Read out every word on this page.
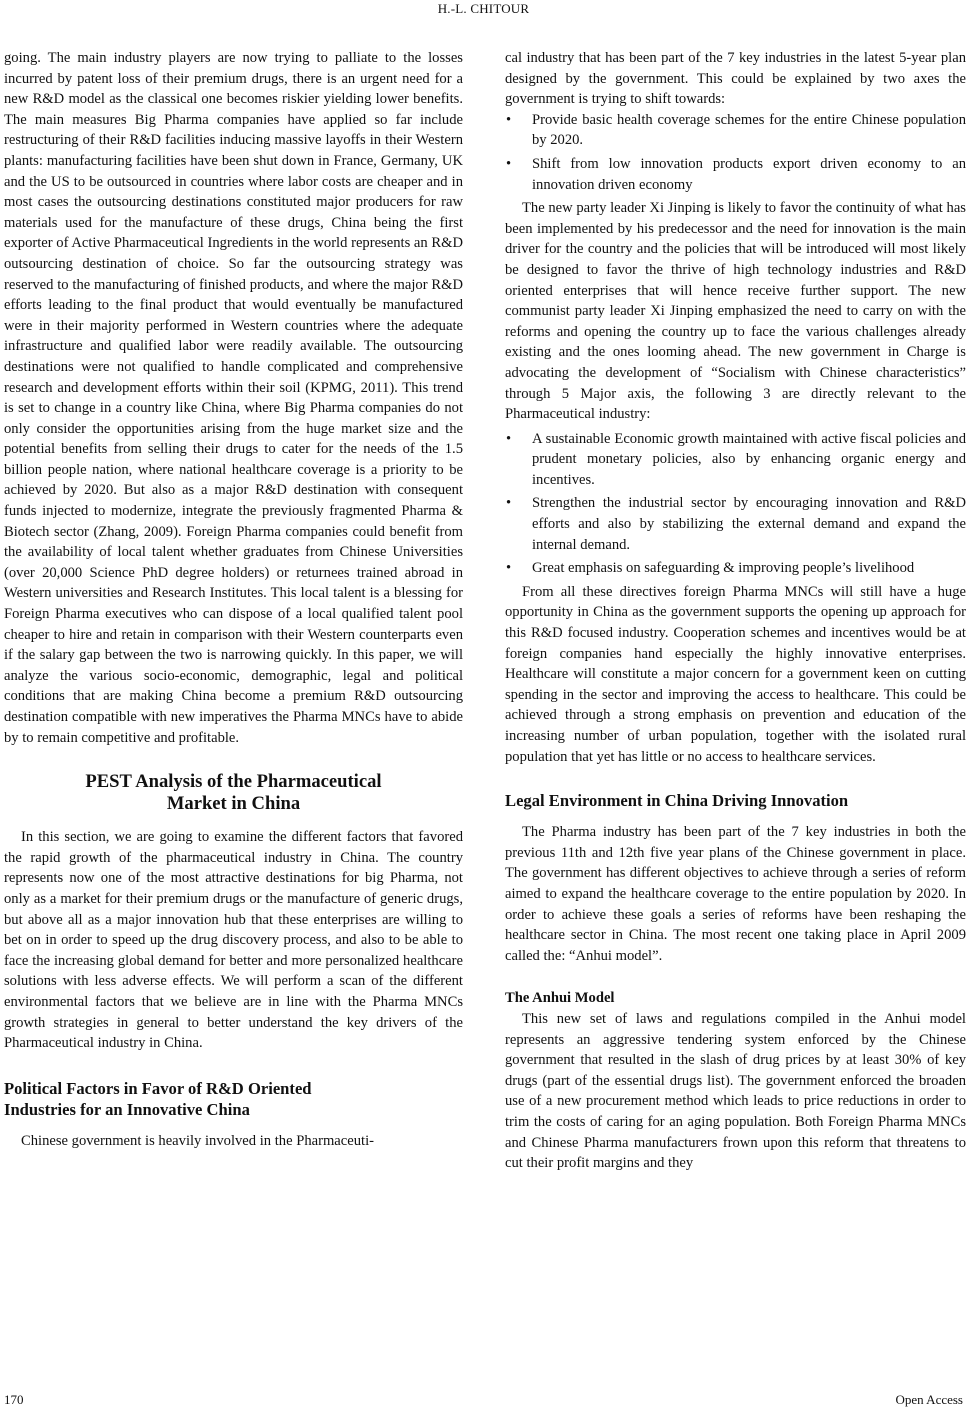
H.-L. CHITOUR

going. The main industry players are now trying to palliate to the losses incurred by patent loss of their premium drugs, there is an urgent need for a new R&D model as the classical one becomes riskier yielding lower benefits. The main measures Big Pharma companies have applied so far include restructuring of their R&D facilities inducing massive layoffs in their Western plants: manufacturing facilities have been shut down in France, Germany, UK and the US to be outsourced in countries where labor costs are cheaper and in most cases the outsourcing destinations constituted major producers for raw materials used for the manufacture of these drugs, China being the first exporter of Active Pharmaceutical Ingredients in the world represents an R&D outsourcing destination of choice. So far the outsourcing strategy was reserved to the manufacturing of finished products, and where the major R&D efforts leading to the final product that would eventually be manufactured were in their majority performed in Western countries where the adequate infrastructure and qualified labor were readily available. The outsourcing destinations were not qualified to handle complicated and comprehensive research and development efforts within their soil (KPMG, 2011). This trend is set to change in a country like China, where Big Pharma companies do not only consider the opportunities arising from the huge market size and the potential benefits from selling their drugs to cater for the needs of the 1.5 billion people nation, where national healthcare coverage is a priority to be achieved by 2020. But also as a major R&D destination with consequent funds injected to modernize, integrate the previously fragmented Pharma & Biotech sector (Zhang, 2009). Foreign Pharma companies could benefit from the availability of local talent whether graduates from Chinese Universities (over 20,000 Science PhD degree holders) or returnees trained abroad in Western universities and Research Institutes. This local talent is a blessing for Foreign Pharma executives who can dispose of a local qualified talent pool cheaper to hire and retain in comparison with their Western counterparts even if the salary gap between the two is narrowing quickly. In this paper, we will analyze the various socio-economic, demographic, legal and political conditions that are making China become a premium R&D outsourcing destination compatible with new imperatives the Pharma MNCs have to abide by to remain competitive and profitable.

PEST Analysis of the Pharmaceutical
Market in China

In this section, we are going to examine the different factors that favored the rapid growth of the pharmaceutical industry in China. The country represents now one of the most attractive destinations for big Pharma, not only as a market for their premium drugs or the manufacture of generic drugs, but above all as a major innovation hub that these enterprises are willing to bet on in order to speed up the drug discovery process, and also to be able to face the increasing global demand for better and more personalized healthcare solutions with less adverse effects. We will perform a scan of the different environmental factors that we believe are in line with the Pharma MNCs growth strategies in general to better understand the key drivers of the Pharmaceutical industry in China.

Political Factors in Favor of R&D Oriented
Industries for an Innovative China

Chinese government is heavily involved in the Pharmaceuti-

cal industry that has been part of the 7 key industries in the latest 5-year plan designed by the government. This could be explained by two axes the government is trying to shift towards:

• Provide basic health coverage schemes for the entire Chinese population by 2020.
• Shift from low innovation products export driven economy to an innovation driven economy

The new party leader Xi Jinping is likely to favor the continuity of what has been implemented by his predecessor and the need for innovation is the main driver for the country and the policies that will be introduced will most likely be designed to favor the thrive of high technology industries and R&D oriented enterprises that will hence receive further support. The new communist party leader Xi Jinping emphasized the need to carry on with the reforms and opening the country up to face the various challenges already existing and the ones looming ahead. The new government in Charge is advocating the development of “Socialism with Chinese characteristics” through 5 Major axis, the following 3 are directly relevant to the Pharmaceutical industry:

• A sustainable Economic growth maintained with active fiscal policies and prudent monetary policies, also by enhancing organic energy and incentives.
• Strengthen the industrial sector by encouraging innovation and R&D efforts and also by stabilizing the external demand and expand the internal demand.
• Great emphasis on safeguarding & improving people’s livelihood

From all these directives foreign Pharma MNCs will still have a huge opportunity in China as the government supports the opening up approach for this R&D focused industry. Cooperation schemes and incentives would be at foreign companies hand especially the highly innovative enterprises. Healthcare will constitute a major concern for a government keen on cutting spending in the sector and improving the access to healthcare. This could be achieved through a strong emphasis on prevention and education of the increasing number of urban population, together with the isolated rural population that yet has little or no access to healthcare services.

Legal Environment in China Driving Innovation

The Pharma industry has been part of the 7 key industries in both the previous 11th and 12th five year plans of the Chinese government in place. The government has different objectives to achieve through a series of reform aimed to expand the healthcare coverage to the entire population by 2020. In order to achieve these goals a series of reforms have been reshaping the healthcare sector in China. The most recent one taking place in April 2009 called the: “Anhui model”.

The Anhui Model

This new set of laws and regulations compiled in the Anhui model represents an aggressive tendering system enforced by the Chinese government that resulted in the slash of drug prices by at least 30% of key drugs (part of the essential drugs list). The government enforced the broaden use of a new procurement method which leads to price reductions in order to trim the costs of caring for an aging population. Both Foreign Pharma MNCs and Chinese Pharma manufacturers frown upon this reform that threatens to cut their profit margins and they

170	Open Access
